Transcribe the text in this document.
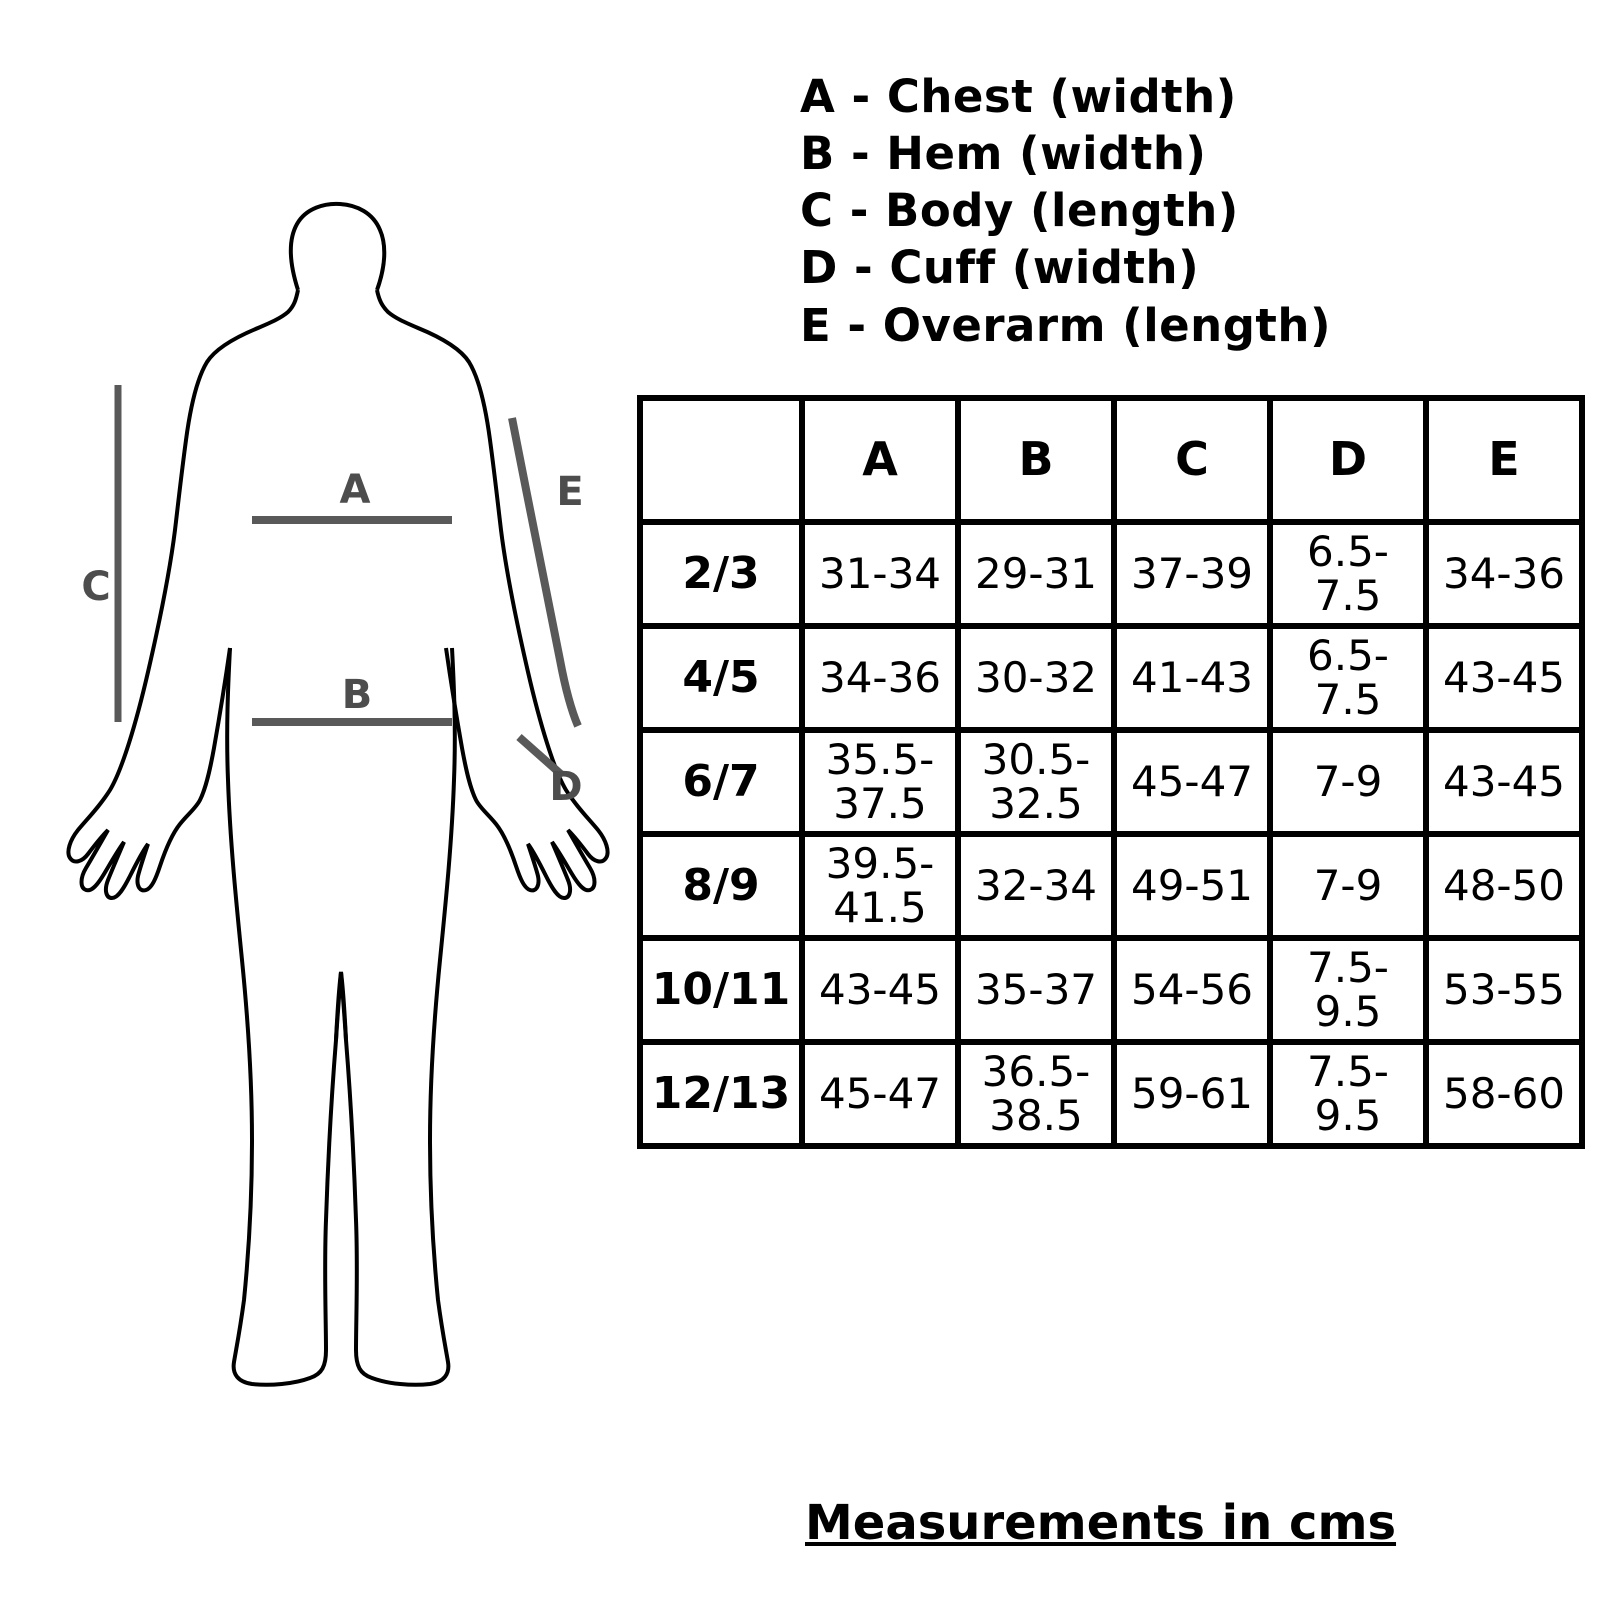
A
B
C
D
E
A - Chest (width)
B - Hem (width)
C - Body (length)
D - Cuff (width)
E - Overarm (length)
	A	B	C	D	E
2/3	31-34	29-31	37-39	6.5-7.5	34-36
4/5	34-36	30-32	41-43	6.5-7.5	43-45
6/7	35.5-37.5	30.5-32.5	45-47	7-9	43-45
8/9	39.5-41.5	32-34	49-51	7-9	48-50
10/11	43-45	35-37	54-56	7.5-9.5	53-55
12/13	45-47	36.5-38.5	59-61	7.5-9.5	58-60
Measurements in cms
